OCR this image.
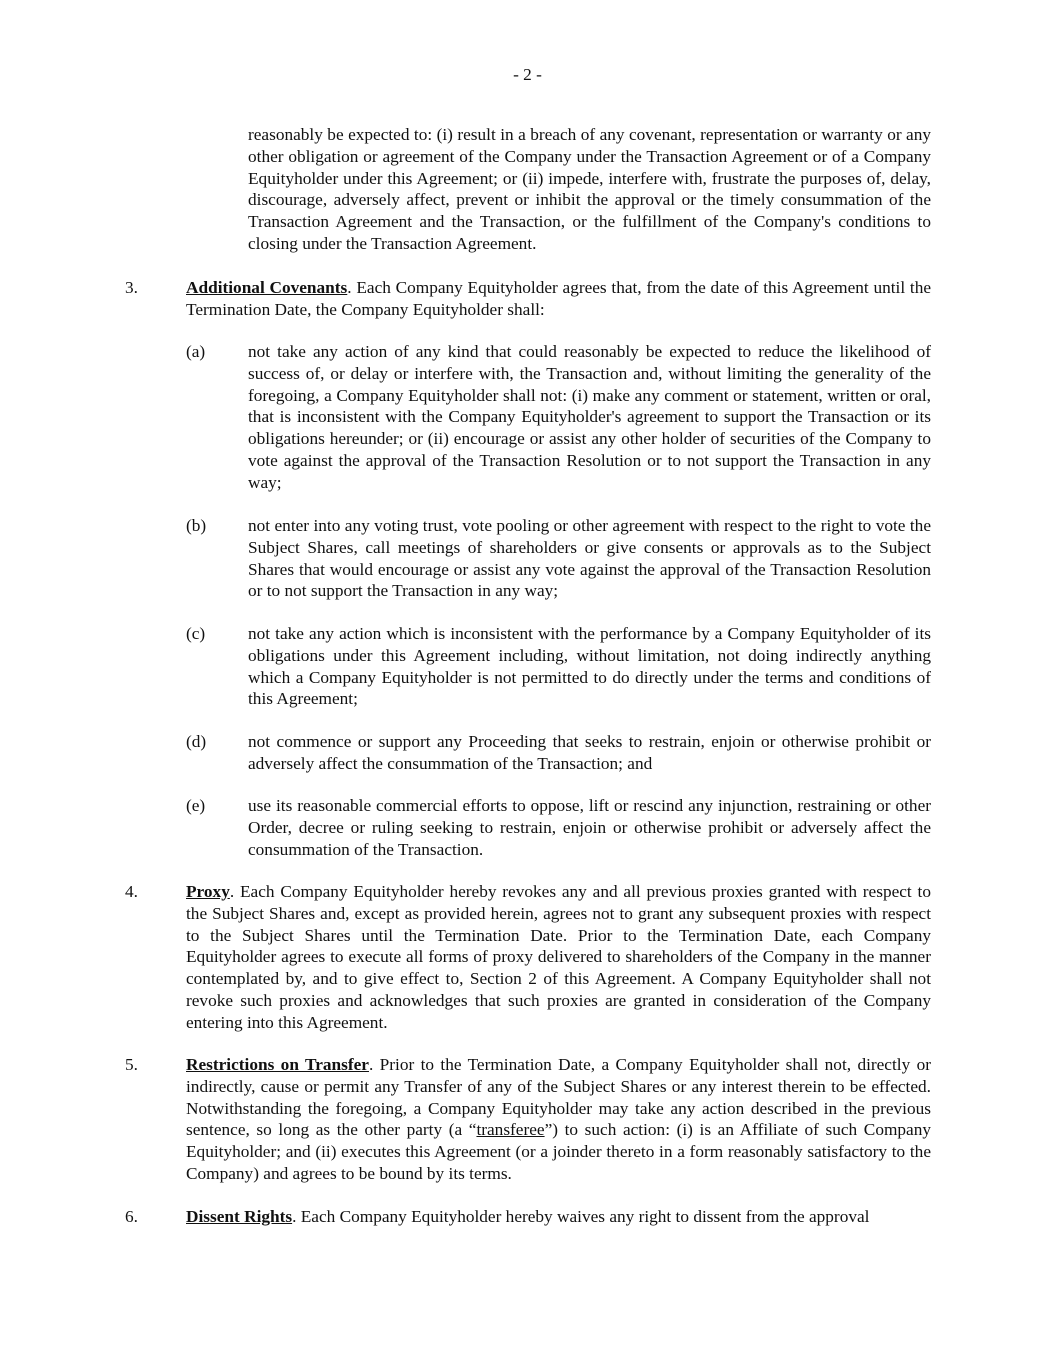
- 2 -

reasonably be expected to: (i) result in a breach of any covenant, representation or warranty or any other obligation or agreement of the Company under the Transaction Agreement or of a Company Equityholder under this Agreement; or (ii) impede, interfere with, frustrate the purposes of, delay, discourage, adversely affect, prevent or inhibit the approval or the timely consummation of the Transaction Agreement and the Transaction, or the fulfillment of the Company's conditions to closing under the Transaction Agreement.

3.	Additional Covenants. Each Company Equityholder agrees that, from the date of this Agreement until the Termination Date, the Company Equityholder shall:
(a) not take any action of any kind that could reasonably be expected to reduce the likelihood of success of, or delay or interfere with, the Transaction and, without limiting the generality of the foregoing, a Company Equityholder shall not: (i) make any comment or statement, written or oral, that is inconsistent with the Company Equityholder's agreement to support the Transaction or its obligations hereunder; or (ii) encourage or assist any other holder of securities of the Company to vote against the approval of the Transaction Resolution or to not support the Transaction in any way;
(b) not enter into any voting trust, vote pooling or other agreement with respect to the right to vote the Subject Shares, call meetings of shareholders or give consents or approvals as to the Subject Shares that would encourage or assist any vote against the approval of the Transaction Resolution or to not support the Transaction in any way;
(c) not take any action which is inconsistent with the performance by a Company Equityholder of its obligations under this Agreement including, without limitation, not doing indirectly anything which a Company Equityholder is not permitted to do directly under the terms and conditions of this Agreement;
(d) not commence or support any Proceeding that seeks to restrain, enjoin or otherwise prohibit or adversely affect the consummation of the Transaction; and
(e) use its reasonable commercial efforts to oppose, lift or rescind any injunction, restraining or other Order, decree or ruling seeking to restrain, enjoin or otherwise prohibit or adversely affect the consummation of the Transaction.
4.	Proxy. Each Company Equityholder hereby revokes any and all previous proxies granted with respect to the Subject Shares and, except as provided herein, agrees not to grant any subsequent proxies with respect to the Subject Shares until the Termination Date. Prior to the Termination Date, each Company Equityholder agrees to execute all forms of proxy delivered to shareholders of the Company in the manner contemplated by, and to give effect to, Section 2 of this Agreement. A Company Equityholder shall not revoke such proxies and acknowledges that such proxies are granted in consideration of the Company entering into this Agreement.
5.	Restrictions on Transfer. Prior to the Termination Date, a Company Equityholder shall not, directly or indirectly, cause or permit any Transfer of any of the Subject Shares or any interest therein to be effected. Notwithstanding the foregoing, a Company Equityholder may take any action described in the previous sentence, so long as the other party (a “transferee”) to such action: (i) is an Affiliate of such Company Equityholder; and (ii) executes this Agreement (or a joinder thereto in a form reasonably satisfactory to the Company) and agrees to be bound by its terms.
6.	Dissent Rights. Each Company Equityholder hereby waives any right to dissent from the approval
